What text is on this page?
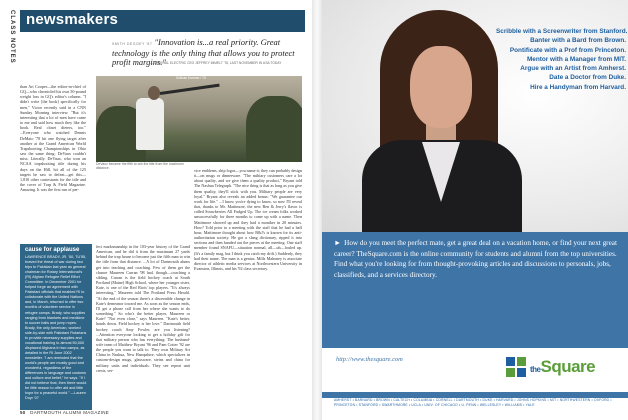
CLASS NOTES newsmakers
SMITH DEGOEY '87 "Innovation is...a real priority. Great technology is the only thing that allows you to protect profit margins."
—GENERAL ELECTRIC CEO JEFFREY IMMELT '78, LAST NOVEMBER IN USA TODAY
than Art Cooper—the editor-in-chief of GQ—who chronicled his own 50-pound weight loss in GQ's editor's column. "I didn't write [the book] specifically for men," Victor recently said in a CNN Sunday Morning interview. "But it's interesting that a lot of men have come to me and said how much they like the book. Real closet dieters, too." ...Everyone who watched Dennis DeMaio '78 hit one flying target after another at the Grand American World Trapshooting Championships in Ohio saw the same thing: DeVaux couldn't miss. Literally. DeVaux, who won an NCAA trapshooting title during his days on the Hill, hit all of the 125 targets he saw to defeat—get this—1,810 other contestants for the title and the cover of Trap & Field Magazine. Amazing. It was the first run of per-
Sullivan Dorman / TS
DeVaux became the fifth to win the title from the maximum distance.	vice emblems, ship logos—you name it; they can probably design it—on mugs or dinnerware. "The military customers care a lot about quality, and we give them a quality product," Bryant told The Nashua Telegraph. "The nice thing is that as long as you give them quality, they'll stick with you. Military people are very loyal." Bryant also reveals an added bonus: "We guarantee our work for life." ...I know you're dying to know, so now I'll reveal that, thanks to Mr. Mattimore, the new Ben & Jerry's flavor is called Strawberries All Fudged Up. The ice cream folks worked unsuccessfully for three months to come up with a name. Then Mattimore showed up and they had a moniker in 20 minutes. How? Told prior to a meeting with the staff that he had a half hour, Mattimore thought about how B&J's is known for its anti-authoritarian society. He got a slang dictionary, ripped it into sections and then handed out the pieces at the meeting. One staff member found SNAFU—situation normal, all—uh—fouled up. (It's a family mag, but I think you catch my drift.) Suddenly, they had their name. The man is a genius. Mills Mahoney is associate director of athletic media services at Northwestern University in Evanston, Illinois, and his '92 class secretary.
fect marksmanship in the 103-year history of the Grand American, and he did it from the maximum 27 yards behind the trap house to become just the fifth man to win the title from that distance. ...A lot of Dartmouth alums get into teaching and coaching. Few of them get the chance Maureen Curran '98 had, though—coaching a sibling. Curran is the field hockey coach at South Portland (Maine) High School, where her younger sister, Kate, is one of the Red Riots' top players. "It's always interesting," Maureen told The Portland Press Herald. "At the end of the season there's a discernible change in Kate's demeanor toward me. As soon as the season ends, I'll get a phone call from her where she wants to do something." So who's the better player, Maureen or Kate? "Not even close," says Maureen. "Kate's better, hands down. Field hockey is her love." Dartmouth field hockey coach Amy Fowler, are you listening? ...Attention everyone looking to get a holiday gift for that military person who has everything: The husband-wife team of Matthew Bryant '96 and Pam Cotter '92 are the people you want to talk to. They own Military Art China in Nashua, New Hampshire, which specializes in custom-design mugs, glassware, steins and china for military units and individuals. They see repeat unit crests, ser-
cause for applause
LAWRENCE BRADY, JR. '50, TU'55, braved the threat of war during two trips to Pakistan last year as general chairman for Rotary International's (RI) Afghan Refugee Relief Effort Committee. In December 2001 he helped forge an agreement with Pakistani officials that enabled RI to collaborate with the United Nations and, in March, returned to offer two months of volunteer service in refugee camps. Brady, who supplies ranging from blankets and medicine to soccer balls and jump ropes. Brady, the only American, worked side-by-side with Pakistani Rotarians to provide necessary supplies and vocational training to almost 50,000 displaced Afghans in two camps, as detailed in the RI June 2002 newsletter. "I am reminded that the world's people are mostly good and wonderful, regardless of the differences in language and customs and culture and belief," he says. "If I did not believe that, then there would be little reason to offer aid and little hope for a peaceful world." —Lauren Doyr '07
50 DARTMOUTH ALUMNI MAGAZINE
Scribble with a Screenwriter from Stanford.
Banter with a Bard from Brown.
Pontificate with a Prof from Princeton.
Mentor with a Manager from MIT.
Argue with an Artist from Amherst.
Date a Doctor from Duke.
Hire a Handyman from Harvard.
► How do you meet the perfect mate, get a great deal on a vacation home, or find your next great career? TheSquare.com is the online community for students and alumni from the top universities. Find what you're looking for from thought-provoking articles and discussions to personals, jobs, classifieds, and a services directory.
http://www.thesquare.com
theSquare
AMHERST • BARNARD • BROWN • CALTECH • COLUMBIA • CORNELL • DARTMOUTH • DUKE • HARVARD • JOHNS HOPKINS • MIT • NORTHWESTERN • OXFORD • PRINCETON • STANFORD • SWARTHMORE • UCLA • UNIV. OF CHICAGO • U. PENN • WELLESLEY • WILLIAMS • YALE
